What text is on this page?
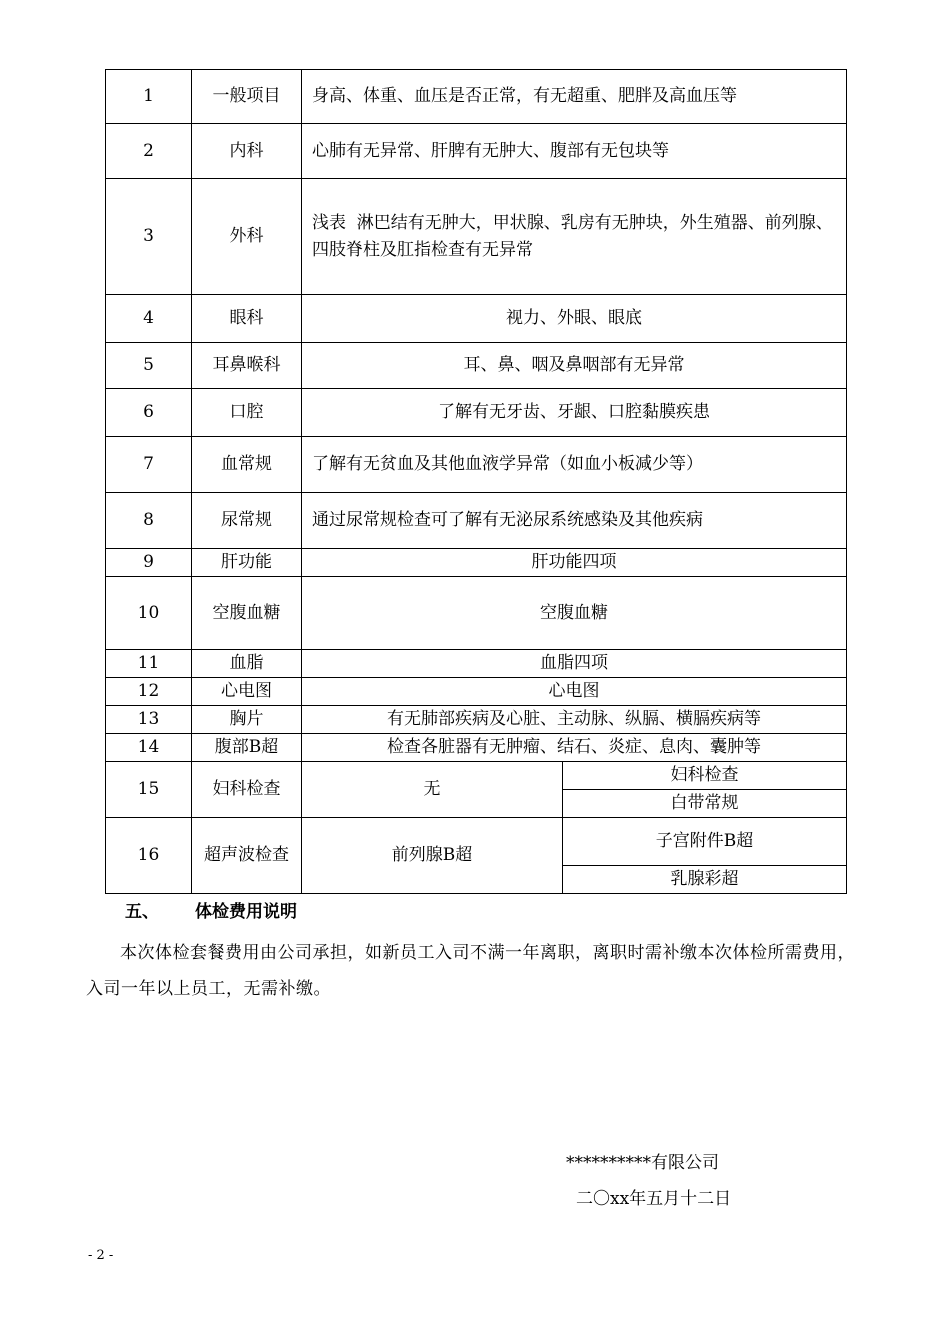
1	一般项目	身高、体重、血压是否正常，有无超重、肥胖及高血压等	
2	内科	心肺有无异常、肝脾有无肿大、腹部有无包块等	
3	外科	浅表  淋巴结有无肿大，甲状腺、乳房有无肿块，外生殖器、前列腺、四肢脊柱及肛指检查有无异常	
4	眼科	视力、外眼、眼底	
5	耳鼻喉科	耳、鼻、咽及鼻咽部有无异常	
6	口腔	了解有无牙齿、牙龈、口腔黏膜疾患	
7	血常规	了解有无贫血及其他血液学异常（如血小板减少等）	
8	尿常规	通过尿常规检查可了解有无泌尿系统感染及其他疾病	
9	肝功能	肝功能四项	
10	空腹血糖	空腹血糖	
11	血脂	血脂四项	
12	心电图	心电图	
13	胸片	有无肺部疾病及心脏、主动脉、纵膈、横膈疾病等	
14	腹部B超	检查各脏器有无肿瘤、结石、炎症、息肉、囊肿等	
15	妇科检查	无	妇科检查
			白带常规
16	超声波检查	前列腺B超	子宫附件B超
			乳腺彩超
五、 体检费用说明
本次体检套餐费用由公司承担，如新员工入司不满一年离职，离职时需补缴本次体检所需费用，入司一年以上员工，无需补缴。
**********有限公司
二〇xx年五月十二日
- 2 -
